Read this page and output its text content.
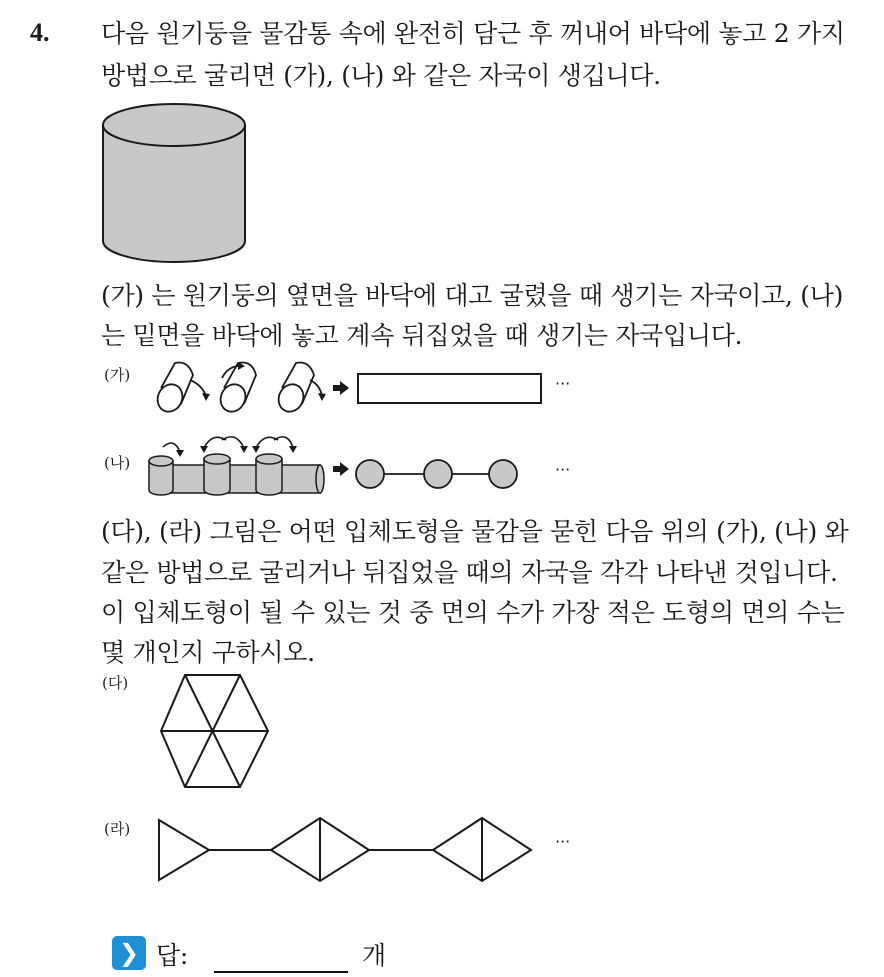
4. 다음 원기둥을 물감통 속에 완전히 담근 후 꺼내어 바닥에 놓고 2 가지
방법으로 굴리면 (가), (나) 와 같은 자국이 생깁니다.
(가) 는 원기둥의 옆면을 바닥에 대고 굴렸을 때 생기는 자국이고, (나)
는 밑면을 바닥에 놓고 계속 뒤집었을 때 생기는 자국입니다.
(가)	···
(나)	···
(다), (라) 그림은 어떤 입체도형을 물감을 묻힌 다음 위의 (가), (나) 와
같은 방법으로 굴리거나 뒤집었을 때의 자국을 각각 나타낸 것입니다.
이 입체도형이 될 수 있는 것 중 면의 수가 가장 적은 도형의 면의 수는
몇 개인지 구하시오.
(다)
(라)
···
❯ 답:	개
